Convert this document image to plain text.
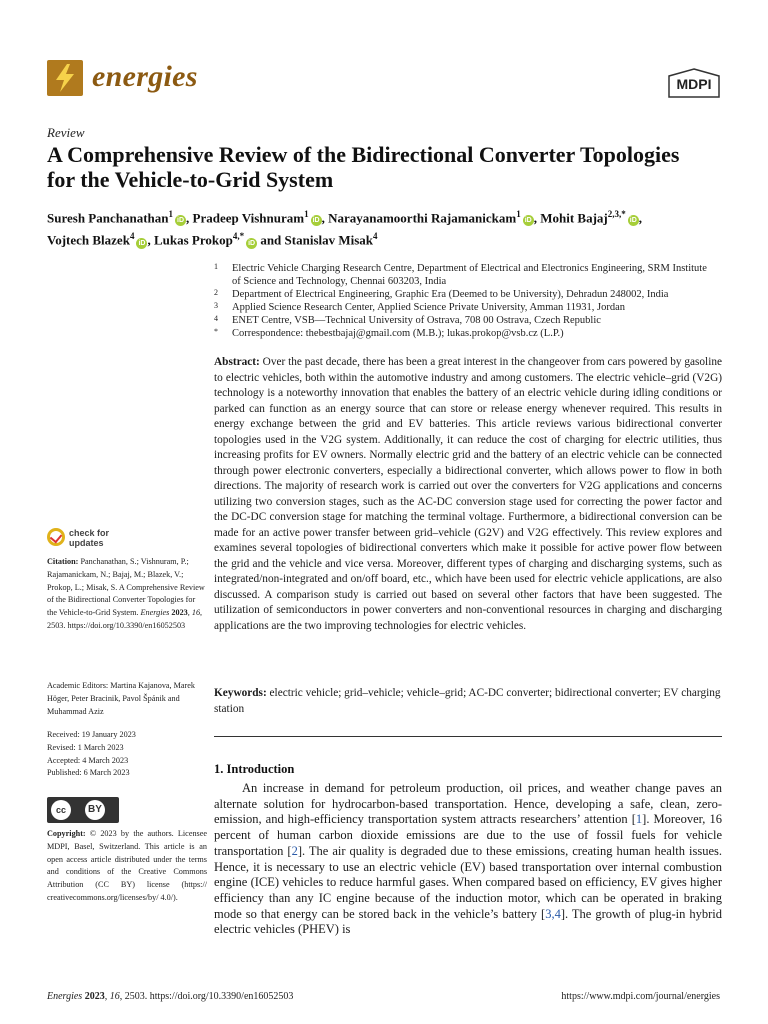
energies	MDPI
Review
A Comprehensive Review of the Bidirectional Converter Topologies for the Vehicle-to-Grid System
Suresh Panchanathan$^1$iD , Pradeep Vishnuram$^1$iD , Narayanamoorthi Rajamanickam$^1$iD , Mohit Bajaj$^{2,3,*}$iD ,
Vojtech Blazek$^4$iD , Lukas Prokop$^{4,*}$iD and Stanislav Misak$^4$
1	Electric Vehicle Charging Research Centre, Department of Electrical and Electronics Engineering, SRM Institute of Science and Technology, Chennai 603203, India
2	Department of Electrical Engineering, Graphic Era (Deemed to be University), Dehradun 248002, India
3	Applied Science Research Center, Applied Science Private University, Amman 11931, Jordan
4	ENET Centre, VSB—Technical University of Ostrava, 708 00 Ostrava, Czech Republic
*	Correspondence: thebestbajaj@gmail.com (M.B.); lukas.prokop@vsb.cz (L.P.)
Abstract: Over the past decade, there has been a great interest in the changeover from cars powered by gasoline to electric vehicles, both within the automotive industry and among customers. The electric vehicle–grid (V2G) technology is a noteworthy innovation that enables the battery of an electric vehicle during idling conditions or parked can function as an energy source that can store or release energy whenever required. This results in energy exchange between the grid and EV batteries. This article reviews various bidirectional converter topologies used in the V2G system. Additionally, it can reduce the cost of charging for electric utilities, thus increasing profits for EV owners. Normally electric grid and the battery of an electric vehicle can be connected through power electronic converters, especially a bidirectional converter, which allows power to flow in both directions. The majority of research work is carried out over the converters for V2G applications and concerns utilizing two conversion stages, such as the AC-DC conversion stage used for correcting the power factor and the DC-DC conversion stage for matching the terminal voltage. Furthermore, a bidirectional conversion can be made for an active power transfer between grid–vehicle (G2V) and V2G effectively. This review explores and examines several topologies of bidirectional converters which make it possible for active power flow between the grid and the vehicle and vice versa. Moreover, different types of charging and discharging systems, such as integrated/non-integrated and on/off board, etc., which have been used for electric vehicle applications, are also discussed. A comparison study is carried out based on several other factors that have been suggested. The utilization of semiconductors in power converters and non-conventional resources in charging and discharging applications are the two improving technologies for electric vehicles.
Keywords: electric vehicle; grid–vehicle; vehicle–grid; AC-DC converter; bidirectional converter; EV charging station
1. Introduction
An increase in demand for petroleum production, oil prices, and weather change paves an alternate solution for hydrocarbon-based transportation. Hence, developing a safe, clean, zero-emission, and high-efficiency transportation system attracts researchers’ attention [1]. Moreover, 16 percent of human carbon dioxide emissions are due to the use of fossil fuels for vehicle transportation [2]. The air quality is degraded due to these emissions, creating human health issues. Hence, it is necessary to use an electric vehicle (EV) based transportation over internal combustion engine (ICE) vehicles to reduce harmful gases. When compared based on efficiency, EV gives higher efficiency than any IC engine because of the induction motor, which can be operated in braking mode so that energy can be stored back in the vehicle’s battery [3,4]. The growth of plug-in hybrid electric vehicles (PHEV) is
check for
updates
Citation: Panchanathan, S.; Vishnuram, P.; Rajamanickam, N.; Bajaj, M.; Blazek, V.; Prokop, L.; Misak, S. A Comprehensive Review of the Bidirectional Converter Topologies for the Vehicle-to-Grid System. Energies 2023, 16, 2503. https://doi.org/10.3390/en16052503
Academic Editors: Martina Kajanova, Marek Höger, Peter Bracinik, Pavol Špánik and Muhammad Aziz
Received: 19 January 2023
Revised: 1 March 2023
Accepted: 4 March 2023
Published: 6 March 2023
cc	BY
Copyright: © 2023 by the authors. Licensee MDPI, Basel, Switzerland. This article is an open access article distributed under the terms and conditions of the Creative Commons Attribution (CC BY) license (https:// creativecommons.org/licenses/by/ 4.0/).
Energies 2023, 16, 2503. https://doi.org/10.3390/en16052503	https://www.mdpi.com/journal/energies
